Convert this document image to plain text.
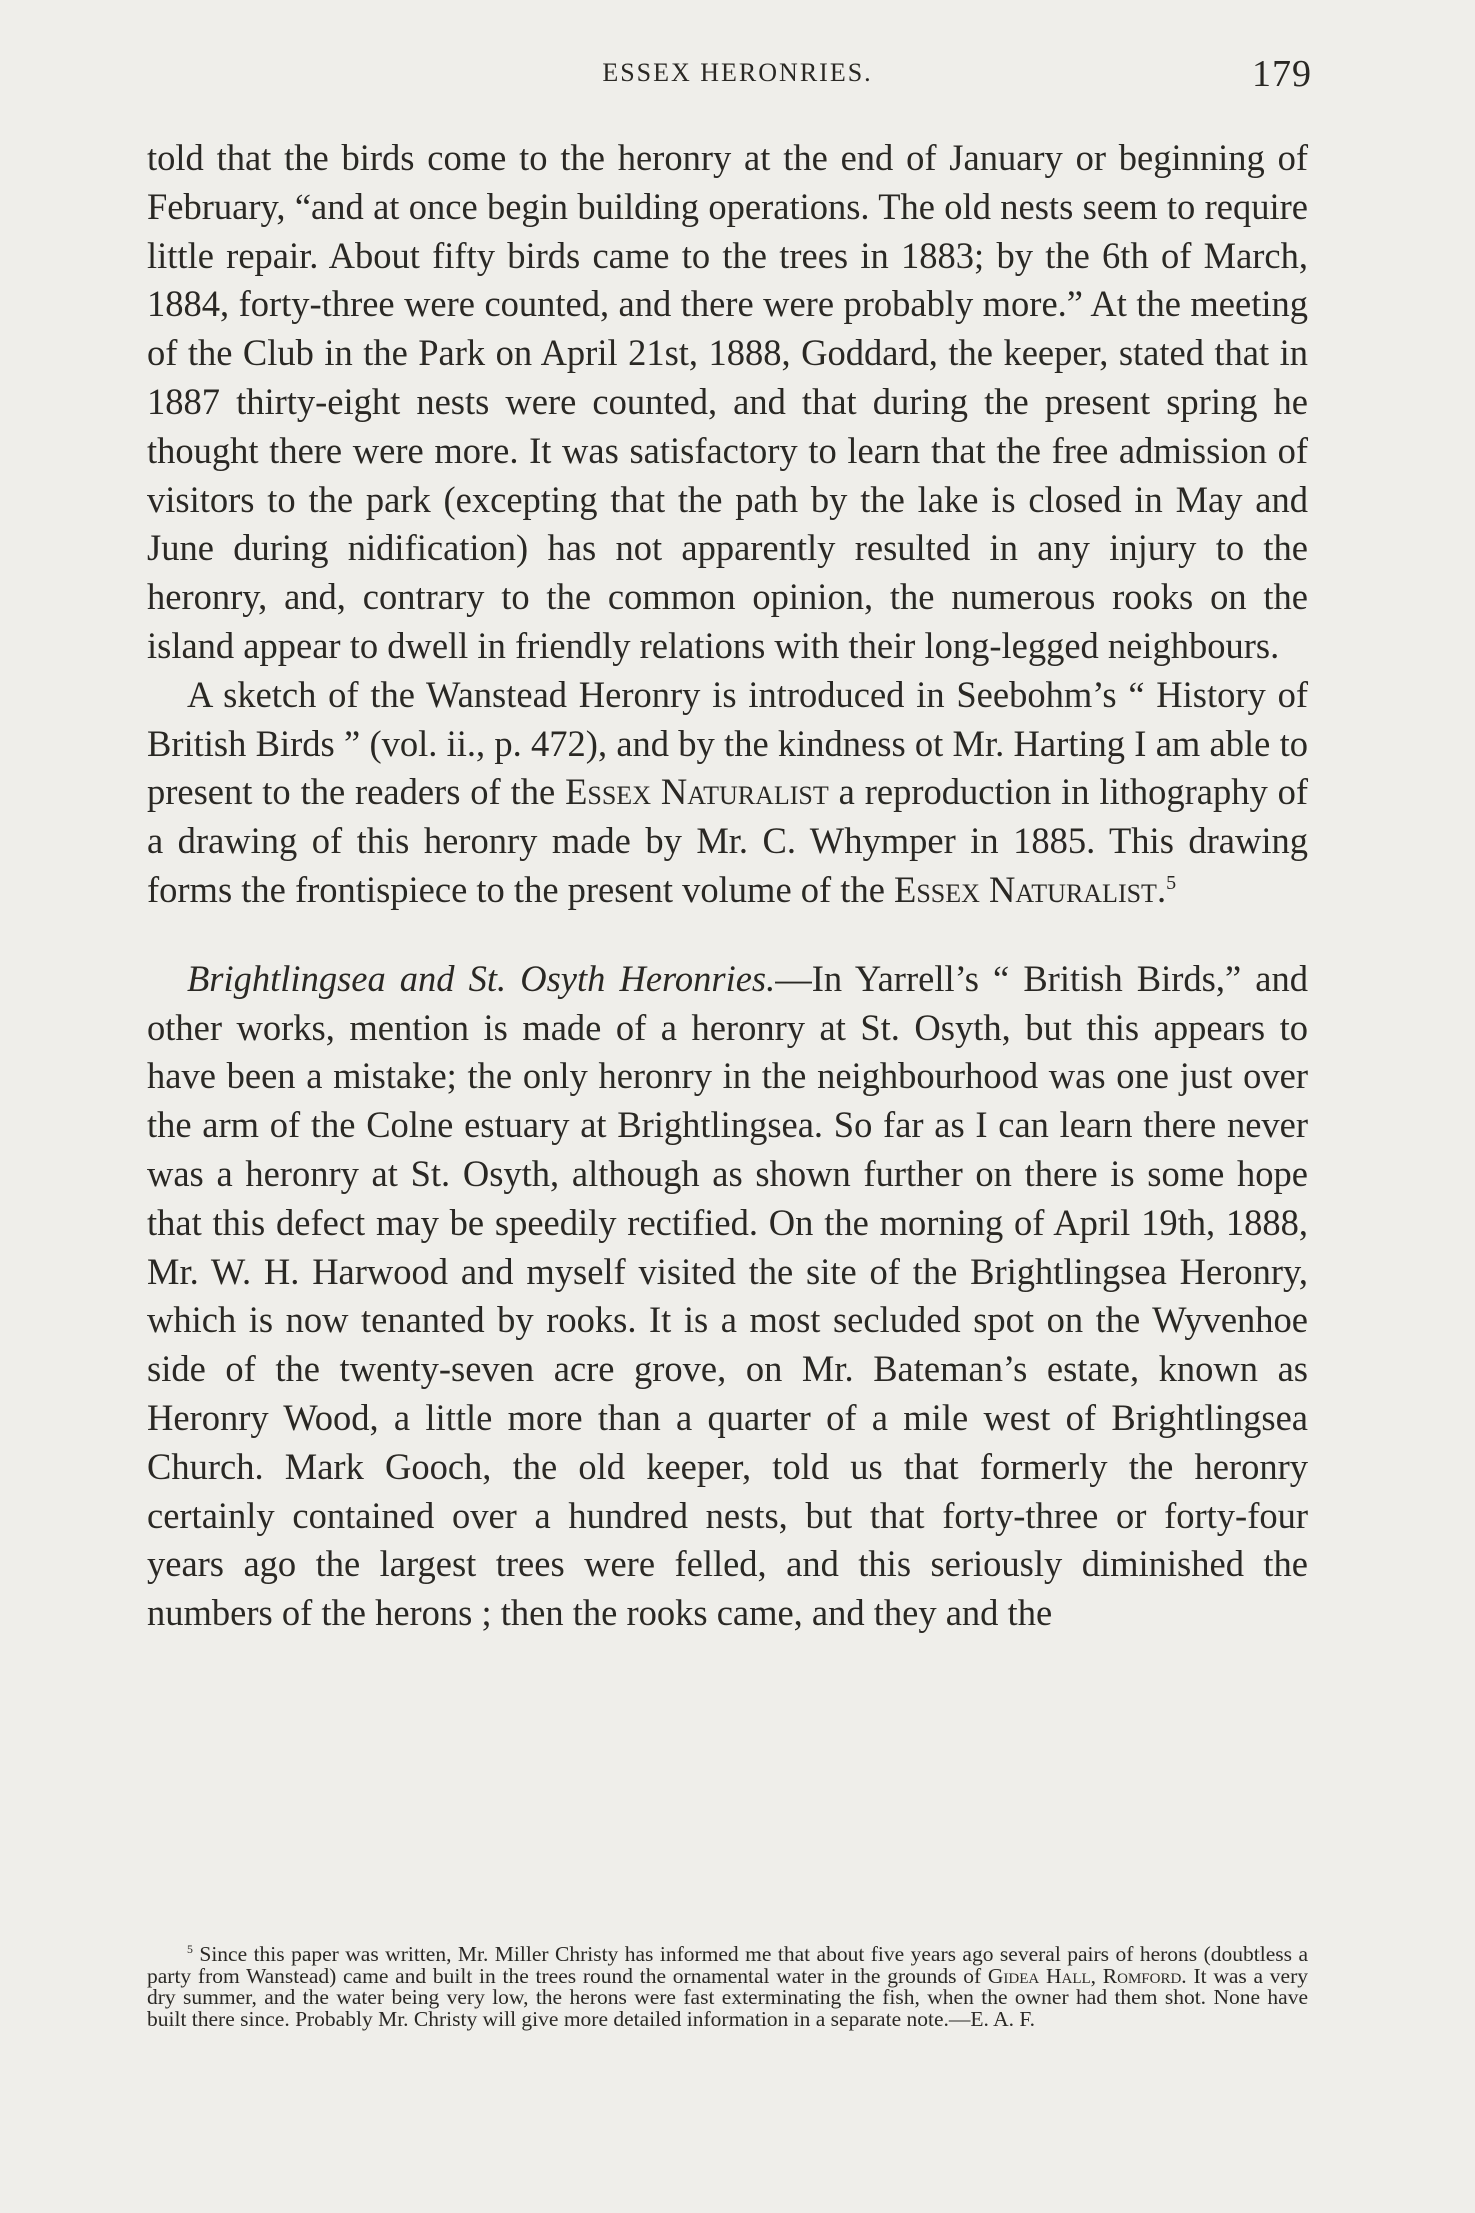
ESSEX HERONRIES.	179

told that the birds come to the heronry at the end of January or beginning of February, “and at once begin building operations. The old nests seem to require little repair. About fifty birds came to the trees in 1883; by the 6th of March, 1884, forty-three were counted, and there were probably more.” At the meeting of the Club in the Park on April 21st, 1888, Goddard, the keeper, stated that in 1887 thirty-eight nests were counted, and that during the present spring he thought there were more. It was satisfactory to learn that the free admission of visitors to the park (excepting that the path by the lake is closed in May and June during nidification) has not apparently resulted in any injury to the heronry, and, contrary to the common opinion, the numerous rooks on the island appear to dwell in friendly relations with their long-legged neighbours.

A sketch of the Wanstead Heronry is introduced in Seebohm’s “ History of British Birds ” (vol. ii., p. 472), and by the kindness ot Mr. Harting I am able to present to the readers of the Essex Naturalist a reproduction in lithography of a drawing of this heronry made by Mr. C. Whymper in 1885. This drawing forms the frontispiece to the present volume of the Essex Naturalist.$^5$

Brightlingsea and St. Osyth Heronries.—In Yarrell’s “ British Birds,” and other works, mention is made of a heronry at St. Osyth, but this appears to have been a mistake; the only heronry in the neighbourhood was one just over the arm of the Colne estuary at Brightlingsea. So far as I can learn there never was a heronry at St. Osyth, although as shown further on there is some hope that this defect may be speedily rectified. On the morning of April 19th, 1888, Mr. W. H. Harwood and myself visited the site of the Brightlingsea Heronry, which is now tenanted by rooks. It is a most secluded spot on the Wyvenhoe side of the twenty-seven acre grove, on Mr. Bateman’s estate, known as Heronry Wood, a little more than a quarter of a mile west of Brightlingsea Church. Mark Gooch, the old keeper, told us that formerly the heronry certainly contained over a hundred nests, but that forty-three or forty-four years ago the largest trees were felled, and this seriously diminished the numbers of the herons ; then the rooks came, and they and the

$^5$ Since this paper was written, Mr. Miller Christy has informed me that about five years ago several pairs of herons (doubtless a party from Wanstead) came and built in the trees round the ornamental water in the grounds of Gidea Hall, Romford. It was a very dry summer, and the water being very low, the herons were fast exterminating the fish, when the owner had them shot. None have built there since. Probably Mr. Christy will give more detailed information in a separate note.—E. A. F.
